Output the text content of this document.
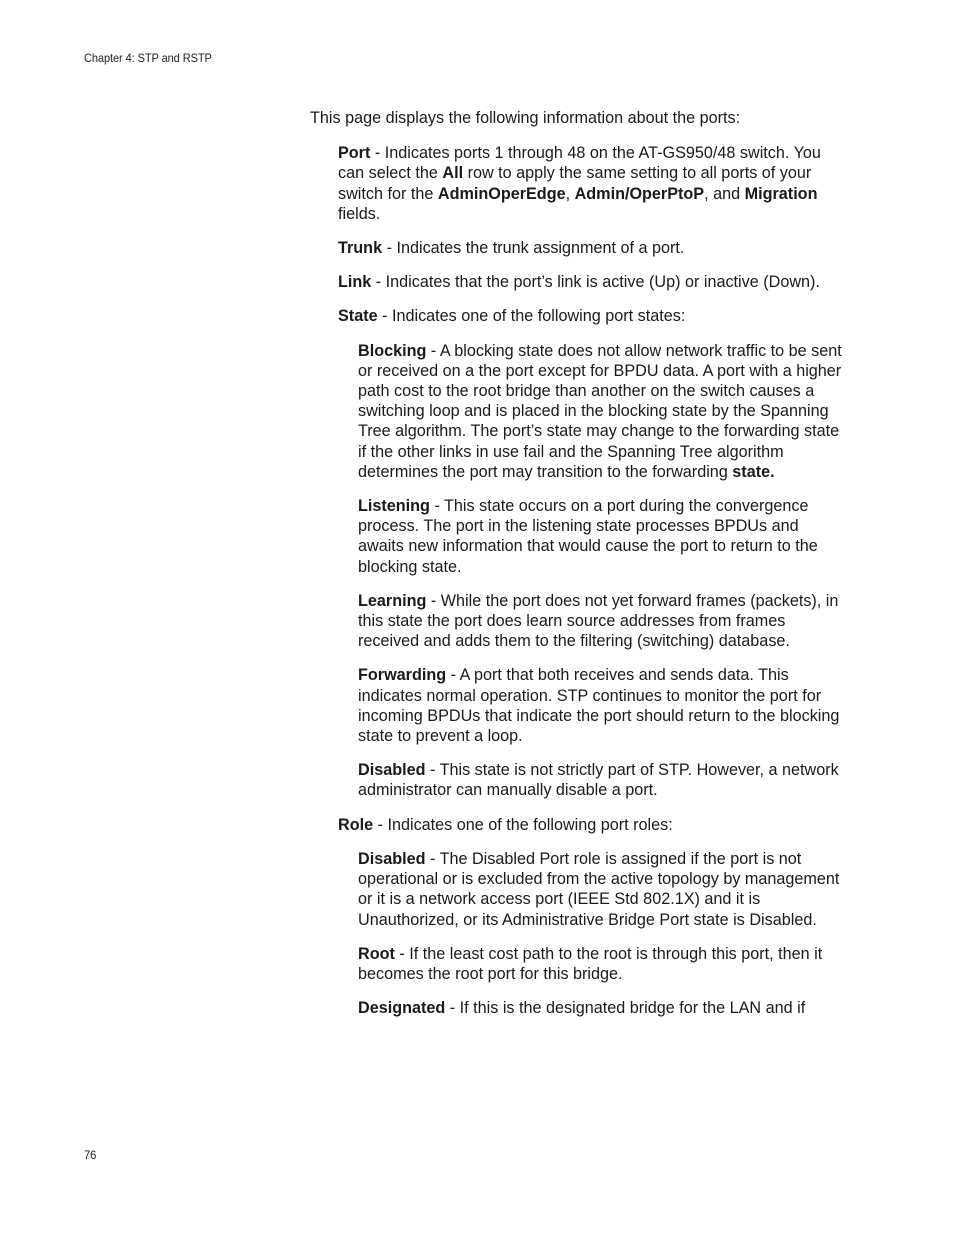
Chapter 4: STP and RSTP

This page displays the following information about the ports:

Port - Indicates ports 1 through 48 on the AT-GS950/48 switch. You can select the All row to apply the same setting to all ports of your switch for the AdminOperEdge, Admin/OperPtoP, and Migration fields.

Trunk - Indicates the trunk assignment of a port.

Link - Indicates that the port’s link is active (Up) or inactive (Down).

State - Indicates one of the following port states:

Blocking - A blocking state does not allow network traffic to be sent or received on a the port except for BPDU data. A port with a higher path cost to the root bridge than another on the switch causes a switching loop and is placed in the blocking state by the Spanning Tree algorithm. The port’s state may change to the forwarding state if the other links in use fail and the Spanning Tree algorithm determines the port may transition to the forwarding state.

Listening - This state occurs on a port during the convergence process. The port in the listening state processes BPDUs and awaits new information that would cause the port to return to the blocking state.

Learning - While the port does not yet forward frames (packets), in this state the port does learn source addresses from frames received and adds them to the filtering (switching) database.

Forwarding - A port that both receives and sends data. This indicates normal operation. STP continues to monitor the port for incoming BPDUs that indicate the port should return to the blocking state to prevent a loop.

Disabled - This state is not strictly part of STP. However, a network administrator can manually disable a port.

Role - Indicates one of the following port roles:

Disabled - The Disabled Port role is assigned if the port is not operational or is excluded from the active topology by management or it is a network access port (IEEE Std 802.1X) and it is Unauthorized, or its Administrative Bridge Port state is Disabled.

Root - If the least cost path to the root is through this port, then it becomes the root port for this bridge.

Designated - If this is the designated bridge for the LAN and if

76
